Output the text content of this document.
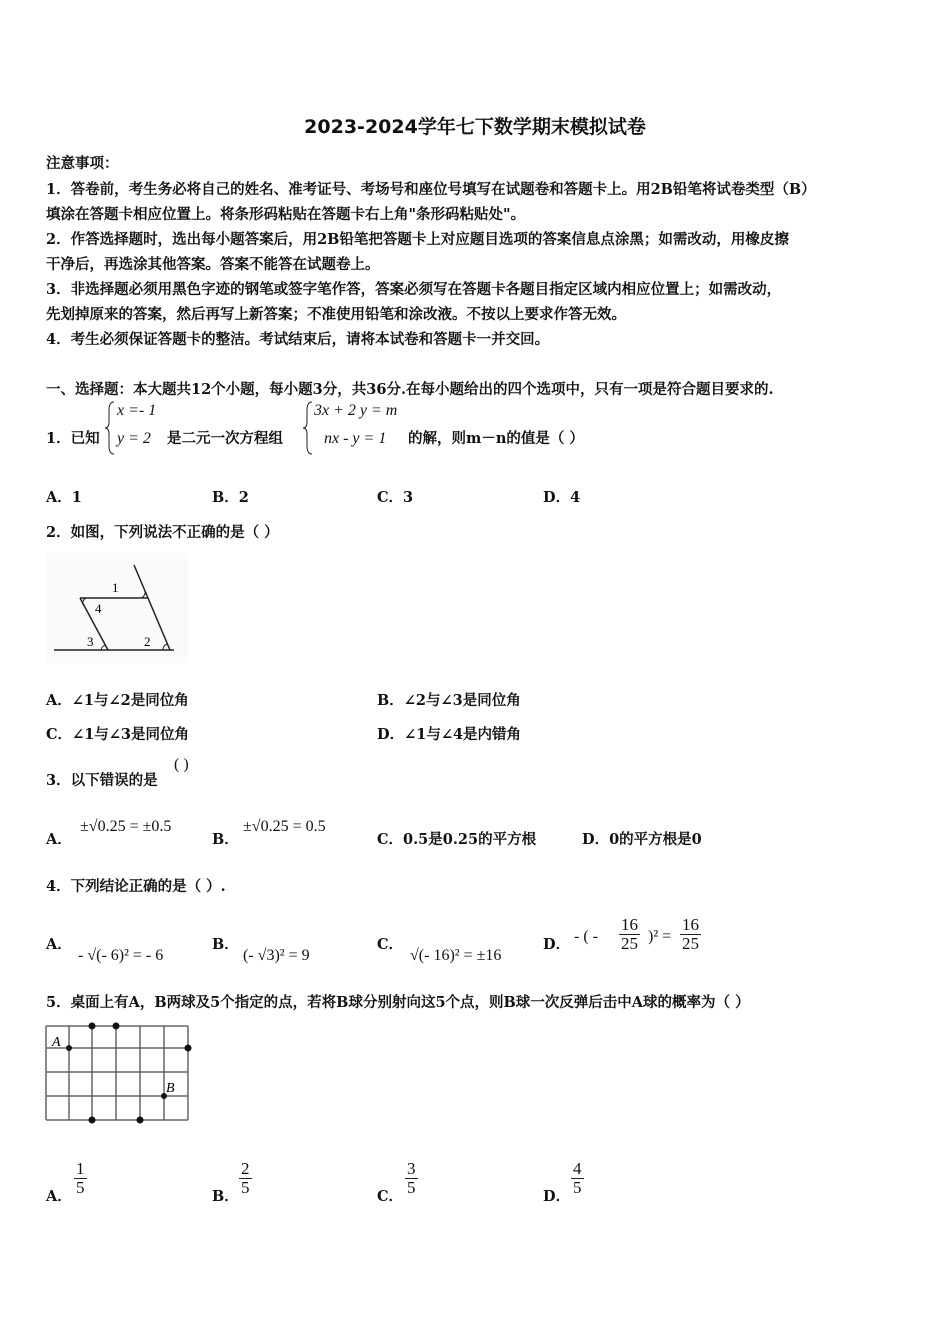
2023-2024学年七下数学期末模拟试卷
注意事项：
1．答卷前，考生务必将自己的姓名、准考证号、考场号和座位号填写在试题卷和答题卡上。用2B铅笔将试卷类型（B）
填涂在答题卡相应位置上。将条形码粘贴在答题卡右上角"条形码粘贴处"。
2．作答选择题时，选出每小题答案后，用2B铅笔把答题卡上对应题目选项的答案信息点涂黑；如需改动，用橡皮擦
干净后，再选涂其他答案。答案不能答在试题卷上。
3．非选择题必须用黑色字迹的钢笔或签字笔作答，答案必须写在答题卡各题目指定区域内相应位置上；如需改动，
先划掉原来的答案，然后再写上新答案；不准使用铅笔和涂改液。不按以上要求作答无效。
4．考生必须保证答题卡的整洁。考试结束后，请将本试卷和答题卡一并交回。
一、选择题：本大题共12个小题，每小题3分，共36分.在每小题给出的四个选项中，只有一项是符合题目要求的.
1．已知
x =- 1
y = 2 是二元一次方程组
3x + 2 y = m
nx - y = 1 的解，则m－n的值是（ ）
A．1	B．2	C．3	D．4
2．如图，下列说法不正确的是（ ）
1
4
3	2
A．∠1与∠2是同位角	B．∠2与∠3是同位角
C．∠1与∠3是同位角	D．∠1与∠4是内错角
3．以下错误的是
( )
A．
±√0.25 = ±0.5
B．
±√0.25 = 0.5
C．0.5是0.25的平方根	D．0的平方根是0
4．下列结论正确的是（ ）.
A．
- √(- 6)² = - 6
B．
(- √3)² = 9
C．
√(- 16)² = ±16
D． - ( - $\frac{16}{25} )^2 = \frac{16}{25}$
5．桌面上有A，B两球及5个指定的点，若将B球分别射向这5个点，则B球一次反弹后击中A球的概率为（ ）
A
B
A． $\frac{1}{5}$	B． $\frac{2}{5}$	C． $\frac{3}{5}$	D． $\frac{4}{5}$
